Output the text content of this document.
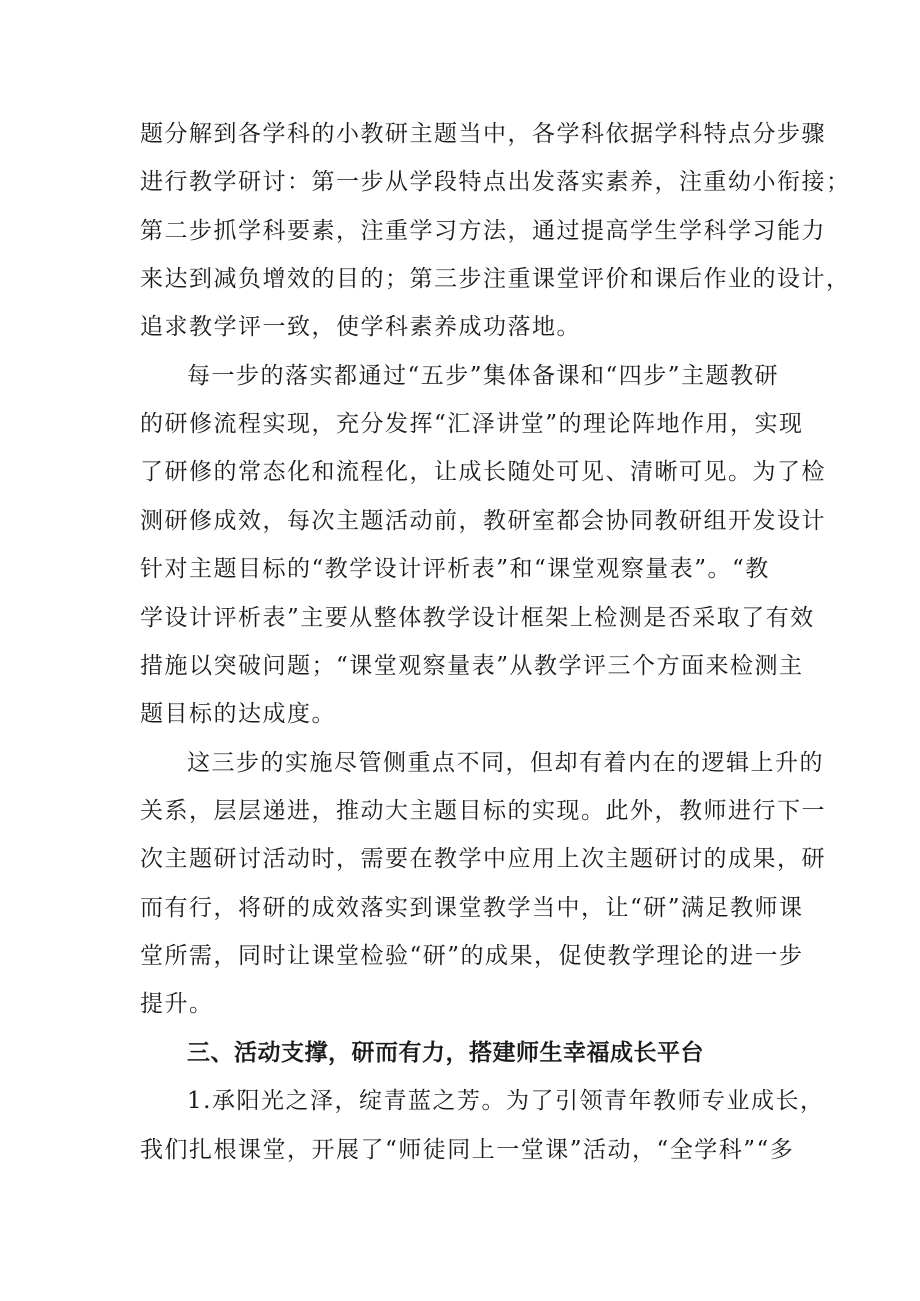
题分解到各学科的小教研主题当中，各学科依据学科特点分步骤
进行教学研讨：第一步从学段特点出发落实素养，注重幼小衔接；
第二步抓学科要素，注重学习方法，通过提高学生学科学习能力
来达到减负增效的目的；第三步注重课堂评价和课后作业的设计，
追求教学评一致，使学科素养成功落地。
每一步的落实都通过“五步”集体备课和“四步”主题教研
的研修流程实现，充分发挥“汇泽讲堂”的理论阵地作用，实现
了研修的常态化和流程化，让成长随处可见、清晰可见。为了检
测研修成效，每次主题活动前，教研室都会协同教研组开发设计
针对主题目标的“教学设计评析表”和“课堂观察量表”。“教
学设计评析表”主要从整体教学设计框架上检测是否采取了有效
措施以突破问题；“课堂观察量表”从教学评三个方面来检测主
题目标的达成度。
这三步的实施尽管侧重点不同，但却有着内在的逻辑上升的
关系，层层递进，推动大主题目标的实现。此外，教师进行下一
次主题研讨活动时，需要在教学中应用上次主题研讨的成果，研
而有行，将研的成效落实到课堂教学当中，让“研”满足教师课
堂所需，同时让课堂检验“研”的成果，促使教学理论的进一步
提升。
三、活动支撑，研而有力，搭建师生幸福成长平台
1.承阳光之泽，绽青蓝之芳。为了引领青年教师专业成长，
我们扎根课堂，开展了“师徒同上一堂课”活动，“全学科”“多
